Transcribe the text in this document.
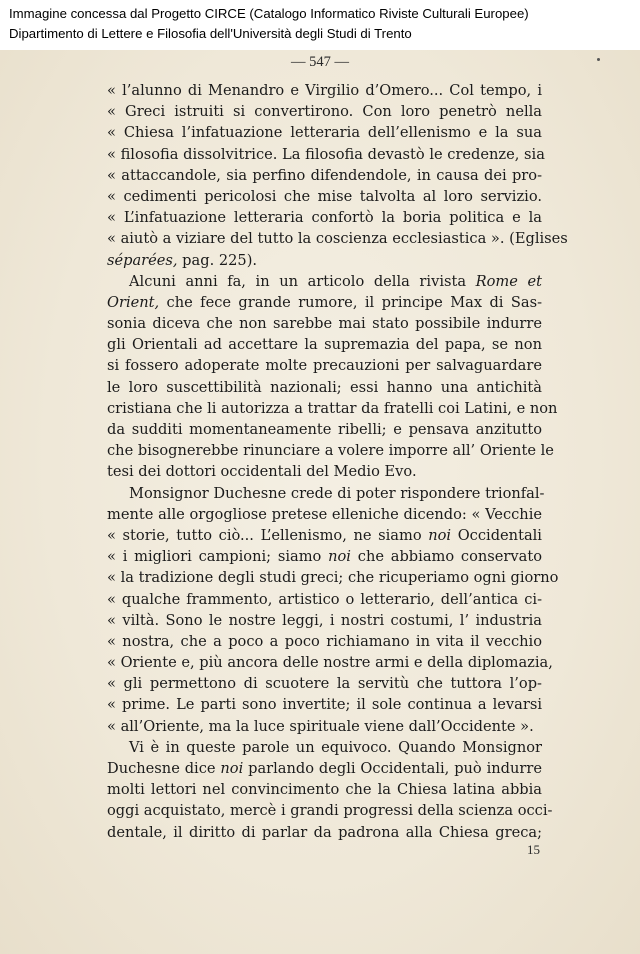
Immagine concessa dal Progetto CIRCE (Catalogo Informatico Riviste Culturali Europee)
Dipartimento di Lettere e Filosofia dell'Università degli Studi di Trento
— 547 —
« l’alunno di Menandro e Virgilio d’Omero... Col tempo, i
« Greci istruiti si convertirono. Con loro penetrò nella
« Chiesa l’infatuazione letteraria dell’ellenismo e la sua
« filosofia dissolvitrice. La filosofia devastò le credenze, sia
« attaccandole, sia perfino difendendole, in causa dei pro-
« cedimenti pericolosi che mise talvolta al loro servizio.
« L’infatuazione letteraria confortò la boria politica e la
« aiutò a viziare del tutto la coscienza ecclesiastica ». (Eglises
séparées, pag. 225).
Alcuni anni fa, in un articolo della rivista Rome et
Orient, che fece grande rumore, il principe Max di Sas-
sonia diceva che non sarebbe mai stato possibile indurre
gli Orientali ad accettare la supremazia del papa, se non
si fossero adoperate molte precauzioni per salvaguardare
le loro suscettibilità nazionali; essi hanno una antichità
cristiana che li autorizza a trattar da fratelli coi Latini, e non
da sudditi momentaneamente ribelli; e pensava anzitutto
che bisognerebbe rinunciare a volere imporre all’ Oriente le
tesi dei dottori occidentali del Medio Evo.
Monsignor Duchesne crede di poter rispondere trionfal-
mente alle orgogliose pretese elleniche dicendo: « Vecchie
« storie, tutto ciò... L’ellenismo, ne siamo noi Occidentali
« i migliori campioni; siamo noi che abbiamo conservato
« la tradizione degli studi greci; che ricuperiamo ogni giorno
« qualche frammento, artistico o letterario, dell’antica ci-
« viltà. Sono le nostre leggi, i nostri costumi, l’ industria
« nostra, che a poco a poco richiamano in vita il vecchio
« Oriente e, più ancora delle nostre armi e della diplomazia,
« gli permettono di scuotere la servitù che tuttora l’op-
« prime. Le parti sono invertite; il sole continua a levarsi
« all’Oriente, ma la luce spirituale viene dall’Occidente ».
Vi è in queste parole un equivoco. Quando Monsignor
Duchesne dice noi parlando degli Occidentali, può indurre
molti lettori nel convincimento che la Chiesa latina abbia
oggi acquistato, mercè i grandi progressi della scienza occi-
dentale, il diritto di parlar da padrona alla Chiesa greca;
15
